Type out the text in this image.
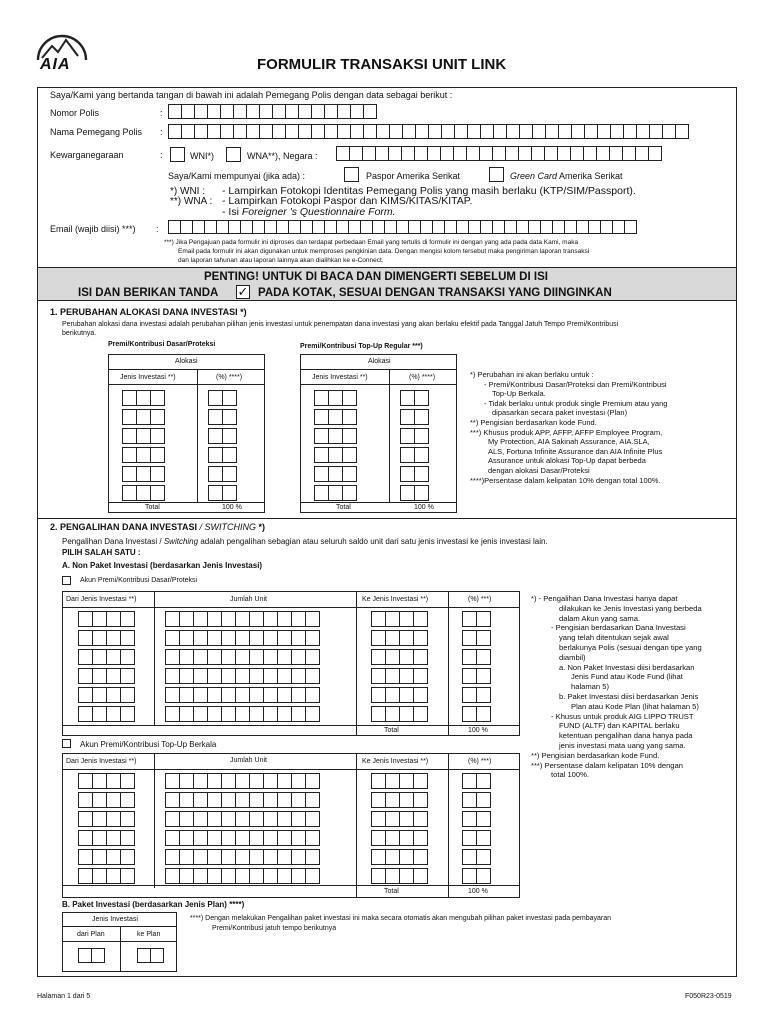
AIA	FORMULIR TRANSAKSI UNIT LINK
Saya/Kami yang bertanda tangan di bawah ini adalah Pemegang Polis dengan data sebagai berikut :
Nomor Polis	:
Nama Pemegang Polis :
Kewarganegaraan	:	WNI*)	WNA**), Negara :
Saya/Kami mempunyai (jika ada) :	Paspor Amerika Serikat	Green Card Amerika Serikat
*) WNI : - Lampirkan Fotokopi Identitas Pemegang Polis yang masih berlaku (KTP/SIM/Passport).
**) WNA : - Lampirkan Fotokopi Paspor dan KIMS/KITAS/KITAP.
- Isi Foreigner 's Questionnaire Form.
Email (wajib diisi) ***) :
***) Jika Pengajuan pada formulir ini diproses dan terdapat perbedaan Email yang tertulis di formulir ini dengan yang ada pada data Kami, maka
Email pada formulir ini akan digunakan untuk memproses pengkinian data. Dengan mengisi kolom tersebut maka pengiriman laporan transaksi
dan laporan tahunan atau laporan lainnya akan dialihkan ke e-Connect.
PENTING! UNTUK DI BACA DAN DIMENGERTI SEBELUM DI ISI
ISI DAN BERIKAN TANDA ✓ PADA KOTAK, SESUAI DENGAN TRANSAKSI YANG DIINGINKAN
1. PERUBAHAN ALOKASI DANA INVESTASI *)
Perubahan alokasi dana investasi adalah perubahan pilihan jenis investasi untuk penempatan dana investasi yang akan berlaku efektif pada Tanggal Jatuh Tempo Premi/Kontribusi
berikutnya.
Premi/Kontribusi Dasar/Proteksi	Premi/Kontribusi Top-Up Regular ***)
Alokasi
Jenis Investasi **)	(%) ****)
Total	100 %
Alokasi
Jenis Investasi **)	(%) ****)
Total	100 %
*) Perubahan ini akan berlaku untuk :
- Premi/Kontribusi Dasar/Proteksi dan Premi/Kontribusi
Top-Up Berkala.
- Tidak berlaku untuk produk single Premium atau yang
dipasarkan secara paket investasi (Plan)
**) Pengisian berdasarkan kode Fund.
***) Khusus produk APP, AFFP, AFFP Employee Program,
My Protection, AIA Sakinah Assurance, AIA.SLA,
ALS, Fortuna Infinite Assurance dan AIA Infinite Plus
Assurance untuk alokasi Top-Up dapat berbeda
dengan alokasi Dasar/Proteksi
****)Persentase dalam kelipatan 10% dengan total 100%.
2. PENGALIHAN DANA INVESTASI / SWITCHING *)
Pengalihan Dana Investasi / Switching adalah pengalihan sebagian atau seluruh saldo unit dari satu jenis investasi ke jenis investasi lain.
PILIH SALAH SATU :
A. Non Paket Investasi (berdasarkan Jenis Investasi)
Akun Premi/Kontribusi Dasar/Proteksi
Dari Jenis Investasi **)	Jumlah Unit	Ke Jenis Investasi **)	(%) ***)
Total	100 %
Akun Premi/Kontribusi Top-Up Berkala
Dari Jenis Investasi **)	Jumlah Unit	Ke Jenis Investasi **)	(%) ***)
Total	100 %
*) - Pengalihan Dana Investasi hanya dapat
dilakukan ke Jenis Investasi yang berbeda
dalam Akun yang sama.
- Pengisian berdasarkan Dana Investasi
yang telah ditentukan sejak awal
berlakunya Polis (sesuai dengan tipe yang
diambil)
a. Non Paket Investasi diisi berdasarkan
Jenis Fund atau Kode Fund (lihat
halaman 5)
b. Paket Investasi diisi berdasarkan Jenis
Plan atau Kode Plan (lihat halaman 5)
- Khusus untuk produk AIG LIPPO TRUST
FUND (ALTF) dan KAPITAL berlaku
ketentuan pengalihan dana hanya pada
jenis investasi mata uang yang sama.
**) Pengisian berdasarkan kode Fund.
***) Persentase dalam kelipatan 10% dengan
total 100%.
B. Paket Investasi (berdasarkan Jenis Plan) ****)
Jenis Investasi
dari Plan	ke Plan
****) Dengan melakukan Pengalihan paket investasi ini maka secara otomatis akan mengubah pilihan paket investasi pada pembayaran
Premi/Kontribusi jatuh tempo berikutnya
Halaman 1 dari 5	F050R23-0519
